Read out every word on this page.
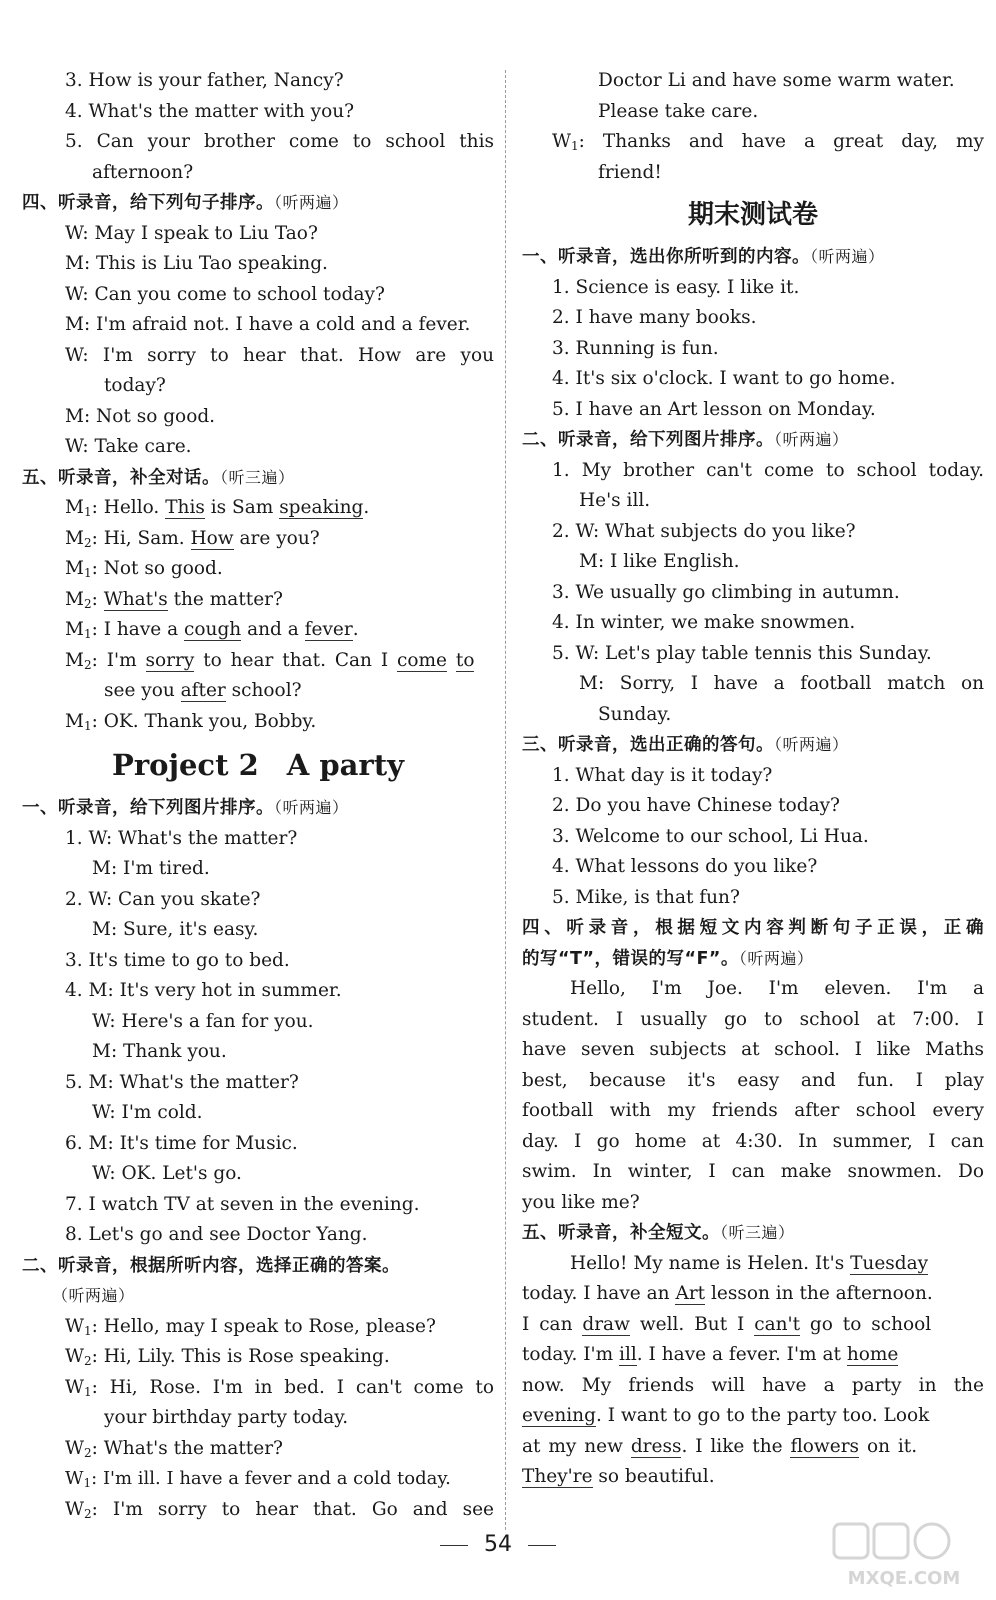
3. How is your father, Nancy?
4. What's the matter with you?
5. Can your brother come to school this
afternoon?
四、听录音，给下列句子排序。（听两遍）
W: May I speak to Liu Tao?
M: This is Liu Tao speaking.
W: Can you come to school today?
M: I'm afraid not. I have a cold and a fever.
W: I'm sorry to hear that. How are you
today?
M: Not so good.
W: Take care.
五、听录音，补全对话。（听三遍）
$M_1$: Hello. This is Sam speaking.
$M_2$: Hi, Sam. How are you?
$M_1$: Not so good.
$M_2$: What's the matter?
$M_1$: I have a cough and a fever.
$M_2$: I'm sorry to hear that. Can I come to
see you after school?
$M_1$: OK. Thank you, Bobby.
Project 2 A party
一、听录音，给下列图片排序。（听两遍）
1. W: What's the matter?
M: I'm tired.
2. W: Can you skate?
M: Sure, it's easy.
3. It's time to go to bed.
4. M: It's very hot in summer.
W: Here's a fan for you.
M: Thank you.
5. M: What's the matter?
W: I'm cold.
6. M: It's time for Music.
W: OK. Let's go.
7. I watch TV at seven in the evening.
8. Let's go and see Doctor Yang.
二、听录音，根据所听内容，选择正确的答案。
（听两遍）
$W_1$: Hello, may I speak to Rose, please?
$W_2$: Hi, Lily. This is Rose speaking.
$W_1$: Hi, Rose. I'm in bed. I can't come to
your birthday party today.
$W_2$: What's the matter?
$W_1$: I'm ill. I have a fever and a cold today.
$W_2$: I'm sorry to hear that. Go and see
Doctor Li and have some warm water.
Please take care.
$W_1$: Thanks and have a great day, my
friend!
期末测试卷
一、听录音，选出你所听到的内容。（听两遍）
1. Science is easy. I like it.
2. I have many books.
3. Running is fun.
4. It's six o'clock. I want to go home.
5. I have an Art lesson on Monday.
二、听录音，给下列图片排序。（听两遍）
1. My brother can't come to school today.
He's ill.
2. W: What subjects do you like?
M: I like English.
3. We usually go climbing in autumn.
4. In winter, we make snowmen.
5. W: Let's play table tennis this Sunday.
M: Sorry, I have a football match on
Sunday.
三、听录音，选出正确的答句。（听两遍）
1. What day is it today?
2. Do you have Chinese today?
3. Welcome to our school, Li Hua.
4. What lessons do you like?
5. Mike, is that fun?
四、听录音，根据短文内容判断句子正误，正确
的写“T”，错误的写“F”。（听两遍）
Hello, I'm Joe. I'm eleven. I'm a
student. I usually go to school at 7:00. I
have seven subjects at school. I like Maths
best, because it's easy and fun. I play
football with my friends after school every
day. I go home at 4:30. In summer, I can
swim. In winter, I can make snowmen. Do
you like me?
五、听录音，补全短文。（听三遍）
Hello! My name is Helen. It's Tuesday
today. I have an Art lesson in the afternoon.
I can draw well. But I can't go to school
today. I'm ill. I have a fever. I'm at home
now. My friends will have a party in the
evening. I want to go to the party too. Look
at my new dress. I like the flowers on it.
They're so beautiful.
54
MXQE.COM
